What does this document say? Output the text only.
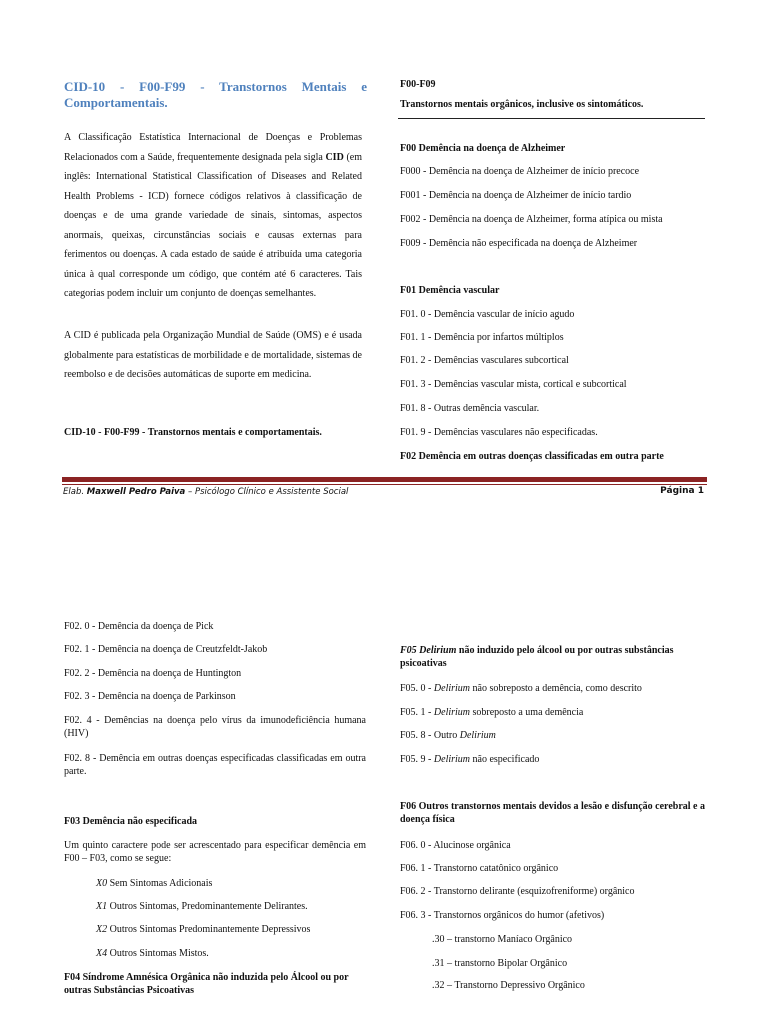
CID-10 - F00-F99 - Transtornos Mentais e Comportamentais.

A Classificação Estatística Internacional de Doenças e Problemas Relacionados com a Saúde, frequentemente designada pela sigla CID (em inglês: International Statistical Classification of Diseases and Related Health Problems - ICD) fornece códigos relativos à classificação de doenças e de uma grande variedade de sinais, sintomas, aspectos anormais, queixas, circunstâncias sociais e causas externas para ferimentos ou doenças. A cada estado de saúde é atribuída uma categoria única à qual corresponde um código, que contém até 6 caracteres. Tais categorias podem incluir um conjunto de doenças semelhantes.

A CID é publicada pela Organização Mundial de Saúde (OMS) e é usada globalmente para estatísticas de morbilidade e de mortalidade, sistemas de reembolso e de decisões automáticas de suporte em medicina.

CID-10 - F00-F99 - Transtornos mentais e comportamentais.
F00-F09
Transtornos mentais orgânicos, inclusive os sintomáticos.
F00 Demência na doença de Alzheimer
F000 - Demência na doença de Alzheimer de início precoce
F001 - Demência na doença de Alzheimer de início tardio
F002 - Demência na doença de Alzheimer, forma atípica ou mista
F009 - Demência não especificada na doença de Alzheimer
F01 Demência vascular
F01. 0 - Demência vascular de início agudo
F01. 1 - Demência por infartos múltiplos
F01. 2 - Demências vasculares subcortical
F01. 3 - Demências vascular mista, cortical e subcortical
F01. 8 - Outras demência vascular.
F01. 9 - Demências vasculares não especificadas.
F02 Demência em outras doenças classificadas em outra parte
Elab. Maxwell Pedro Paiva – Psicólogo Clínico e Assistente Social	Página 1
F02. 0 - Demência da doença de Pick
F02. 1 - Demência na doença de Creutzfeldt-Jakob
F02. 2 - Demência na doença de Huntington
F02. 3 - Demência na doença de Parkinson
F02. 4 - Demências na doença pelo vírus da imunodeficiência humana (HIV)
F02. 8 - Demência em outras doenças especificadas classificadas em outra parte.
F03 Demência não especificada
Um quinto caractere pode ser acrescentado para especificar demência em F00 – F03, como se segue:
X0 Sem Sintomas Adicionais
X1 Outros Sintomas, Predominantemente Delirantes.
X2 Outros Sintomas Predominantemente Depressivos
X4 Outros Sintomas Mistos.
F04 Síndrome Amnésica Orgânica não induzida pelo Álcool ou por outras Substâncias Psicoativas
F05 Delirium não induzido pelo álcool ou por outras substâncias psicoativas
F05. 0 - Delirium não sobreposto a demência, como descrito
F05. 1 - Delirium sobreposto a uma demência
F05. 8 - Outro Delirium
F05. 9 - Delirium não especificado
F06 Outros transtornos mentais devidos a lesão e disfunção cerebral e a doença física
F06. 0 - Alucinose orgânica
F06. 1 - Transtorno catatônico orgânico
F06. 2 - Transtorno delirante (esquizofreniforme) orgânico
F06. 3 - Transtornos orgânicos do humor (afetivos)
.30 – transtorno Maníaco Orgânico
.31 – transtorno Bipolar Orgânico
.32 – Transtorno Depressivo Orgânico
